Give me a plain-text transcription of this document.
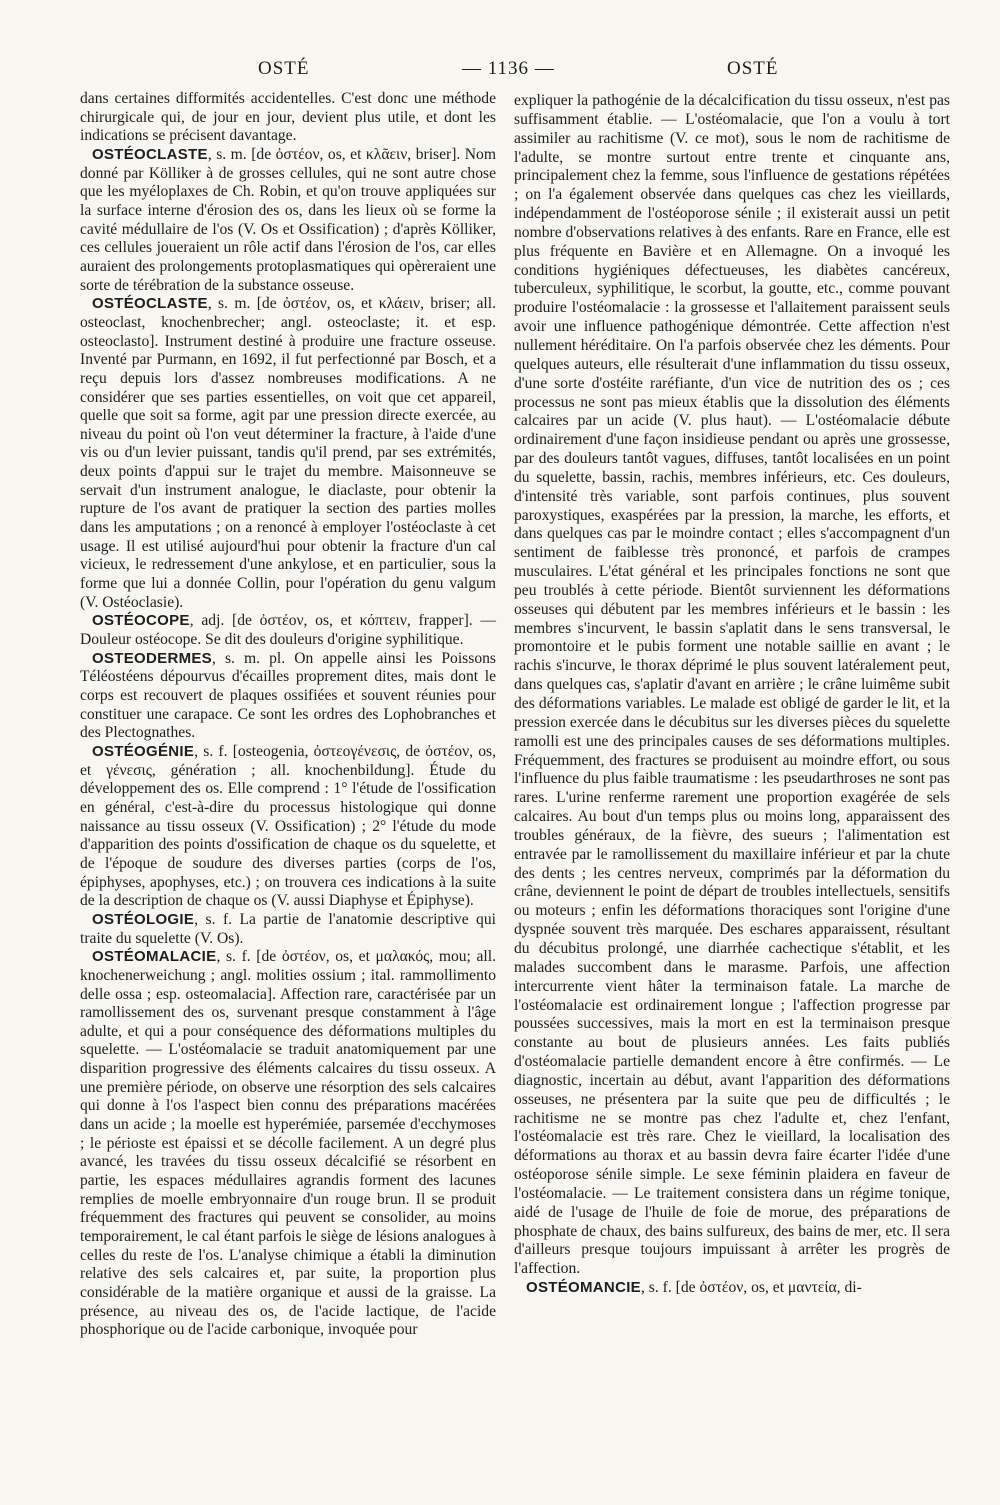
OSTÉ	— 1136 —	OSTÉ

dans certaines difformités accidentelles. C'est donc une méthode chirurgicale qui, de jour en jour, devient plus utile, et dont les indications se précisent davantage.

OSTÉOCLASTE, s. m. [de ὀστέον, os, et κλᾶειν, briser]. Nom donné par Kölliker à de grosses cellules, qui ne sont autre chose que les myéloplaxes de Ch. Robin, et qu'on trouve appliquées sur la surface interne d'érosion des os, dans les lieux où se forme la cavité médullaire de l'os (V. Os et Ossification) ; d'après Kölliker, ces cellules joueraient un rôle actif dans l'érosion de l'os, car elles auraient des prolongements protoplasmatiques qui opèreraient une sorte de térébration de la substance osseuse.

OSTÉOCLASTE, s. m. [de ὀστέον, os, et κλάειν, briser; all. osteoclast, knochenbrecher; angl. osteoclaste; it. et esp. osteoclasto]. Instrument destiné à produire une fracture osseuse. Inventé par Purmann, en 1692, il fut perfectionné par Bosch, et a reçu depuis lors d'assez nombreuses modifications. A ne considérer que ses parties essentielles, on voit que cet appareil, quelle que soit sa forme, agit par une pression directe exercée, au niveau du point où l'on veut déterminer la fracture, à l'aide d'une vis ou d'un levier puissant, tandis qu'il prend, par ses extrémités, deux points d'appui sur le trajet du membre. Maisonneuve se servait d'un instrument analogue, le diaclaste, pour obtenir la rupture de l'os avant de pratiquer la section des parties molles dans les amputations ; on a renoncé à employer l'ostéoclaste à cet usage. Il est utilisé aujourd'hui pour obtenir la fracture d'un cal vicieux, le redressement d'une ankylose, et en particulier, sous la forme que lui a donnée Collin, pour l'opération du genu valgum (V. Ostéoclasie).

OSTÉOCOPE, adj. [de ὀστέον, os, et κόπτειν, frapper]. — Douleur ostéocope. Se dit des douleurs d'origine syphilitique.

OSTEODERMES, s. m. pl. On appelle ainsi les Poissons Téléostéens dépourvus d'écailles proprement dites, mais dont le corps est recouvert de plaques ossifiées et souvent réunies pour constituer une carapace. Ce sont les ordres des Lophobranches et des Plectognathes.

OSTÉOGÉNIE, s. f. [osteogenia, ὀστεογένεσις, de ὀστέον, os, et γένεσις, génération ; all. knochenbildung]. Étude du développement des os. Elle comprend : 1° l'étude de l'ossification en général, c'est-à-dire du processus histologique qui donne naissance au tissu osseux (V. Ossification) ; 2° l'étude du mode d'apparition des points d'ossification de chaque os du squelette, et de l'époque de soudure des diverses parties (corps de l'os, épiphyses, apophyses, etc.) ; on trouvera ces indications à la suite de la description de chaque os (V. aussi Diaphyse et Épiphyse).

OSTÉOLOGIE, s. f. La partie de l'anatomie descriptive qui traite du squelette (V. Os).

OSTÉOMALACIE, s. f. [de ὀστέον, os, et μαλακός, mou; all. knochenerweichung ; angl. molities ossium ; ital. rammollimento delle ossa ; esp. osteomalacia]. Affection rare, caractérisée par un ramollissement des os, survenant presque constamment à l'âge adulte, et qui a pour conséquence des déformations multiples du squelette. — L'ostéomalacie se traduit anatomiquement par une disparition progressive des éléments calcaires du tissu osseux. A une première période, on observe une résorption des sels calcaires qui donne à l'os l'aspect bien connu des préparations macérées dans un acide ; la moelle est hyperémiée, parsemée d'ecchymoses ; le périoste est épaissi et se décolle facilement. A un degré plus avancé, les travées du tissu osseux décalcifié se résorbent en partie, les espaces médullaires agrandis forment des lacunes remplies de moelle embryonnaire d'un rouge brun. Il se produit fréquemment des fractures qui peuvent se consolider, au moins temporairement, le cal étant parfois le siège de lésions analogues à celles du reste de l'os. L'analyse chimique a établi la diminution relative des sels calcaires et, par suite, la proportion plus considérable de la matière organique et aussi de la graisse. La présence, au niveau des os, de l'acide lactique, de l'acide phosphorique ou de l'acide carbonique, invoquée pour

expliquer la pathogénie de la décalcification du tissu osseux, n'est pas suffisamment établie. — L'ostéomalacie, que l'on a voulu à tort assimiler au rachitisme (V. ce mot), sous le nom de rachitisme de l'adulte, se montre surtout entre trente et cinquante ans, principalement chez la femme, sous l'influence de gestations répétées ; on l'a également observée dans quelques cas chez les vieillards, indépendamment de l'ostéoporose sénile ; il existerait aussi un petit nombre d'observations relatives à des enfants. Rare en France, elle est plus fréquente en Bavière et en Allemagne. On a invoqué les conditions hygiéniques défectueuses, les diabètes cancéreux, tuberculeux, syphilitique, le scorbut, la goutte, etc., comme pouvant produire l'ostéomalacie : la grossesse et l'allaitement paraissent seuls avoir une influence pathogénique démontrée. Cette affection n'est nullement héréditaire. On l'a parfois observée chez les déments. Pour quelques auteurs, elle résulterait d'une inflammation du tissu osseux, d'une sorte d'ostéite raréfiante, d'un vice de nutrition des os ; ces processus ne sont pas mieux établis que la dissolution des éléments calcaires par un acide (V. plus haut). — L'ostéomalacie débute ordinairement d'une façon insidieuse pendant ou après une grossesse, par des douleurs tantôt vagues, diffuses, tantôt localisées en un point du squelette, bassin, rachis, membres inférieurs, etc. Ces douleurs, d'intensité très variable, sont parfois continues, plus souvent paroxystiques, exaspérées par la pression, la marche, les efforts, et dans quelques cas par le moindre contact ; elles s'accompagnent d'un sentiment de faiblesse très prononcé, et parfois de crampes musculaires. L'état général et les principales fonctions ne sont que peu troublés à cette période. Bientôt surviennent les déformations osseuses qui débutent par les membres inférieurs et le bassin : les membres s'incurvent, le bassin s'aplatit dans le sens transversal, le promontoire et le pubis forment une notable saillie en avant ; le rachis s'incurve, le thorax déprimé le plus souvent latéralement peut, dans quelques cas, s'aplatir d'avant en arrière ; le crâne luimême subit des déformations variables. Le malade est obligé de garder le lit, et la pression exercée dans le décubitus sur les diverses pièces du squelette ramolli est une des principales causes de ses déformations multiples. Fréquemment, des fractures se produisent au moindre effort, ou sous l'influence du plus faible traumatisme : les pseudarthroses ne sont pas rares. L'urine renferme rarement une proportion exagérée de sels calcaires. Au bout d'un temps plus ou moins long, apparaissent des troubles généraux, de la fièvre, des sueurs ; l'alimentation est entravée par le ramollissement du maxillaire inférieur et par la chute des dents ; les centres nerveux, comprimés par la déformation du crâne, deviennent le point de départ de troubles intellectuels, sensitifs ou moteurs ; enfin les déformations thoraciques sont l'origine d'une dyspnée souvent très marquée. Des eschares apparaissent, résultant du décubitus prolongé, une diarrhée cachectique s'établit, et les malades succombent dans le marasme. Parfois, une affection intercurrente vient hâter la terminaison fatale. La marche de l'ostéomalacie est ordinairement longue ; l'affection progresse par poussées successives, mais la mort en est la terminaison presque constante au bout de plusieurs années. Les faits publiés d'ostéomalacie partielle demandent encore à être confirmés. — Le diagnostic, incertain au début, avant l'apparition des déformations osseuses, ne présentera par la suite que peu de difficultés ; le rachitisme ne se montre pas chez l'adulte et, chez l'enfant, l'ostéomalacie est très rare. Chez le vieillard, la localisation des déformations au thorax et au bassin devra faire écarter l'idée d'une ostéoporose sénile simple. Le sexe féminin plaidera en faveur de l'ostéomalacie. — Le traitement consistera dans un régime tonique, aidé de l'usage de l'huile de foie de morue, des préparations de phosphate de chaux, des bains sulfureux, des bains de mer, etc. Il sera d'ailleurs presque toujours impuissant à arrêter les progrès de l'affection.

OSTÉOMANCIE, s. f. [de ὀστέον, os, et μαντεία, di-
